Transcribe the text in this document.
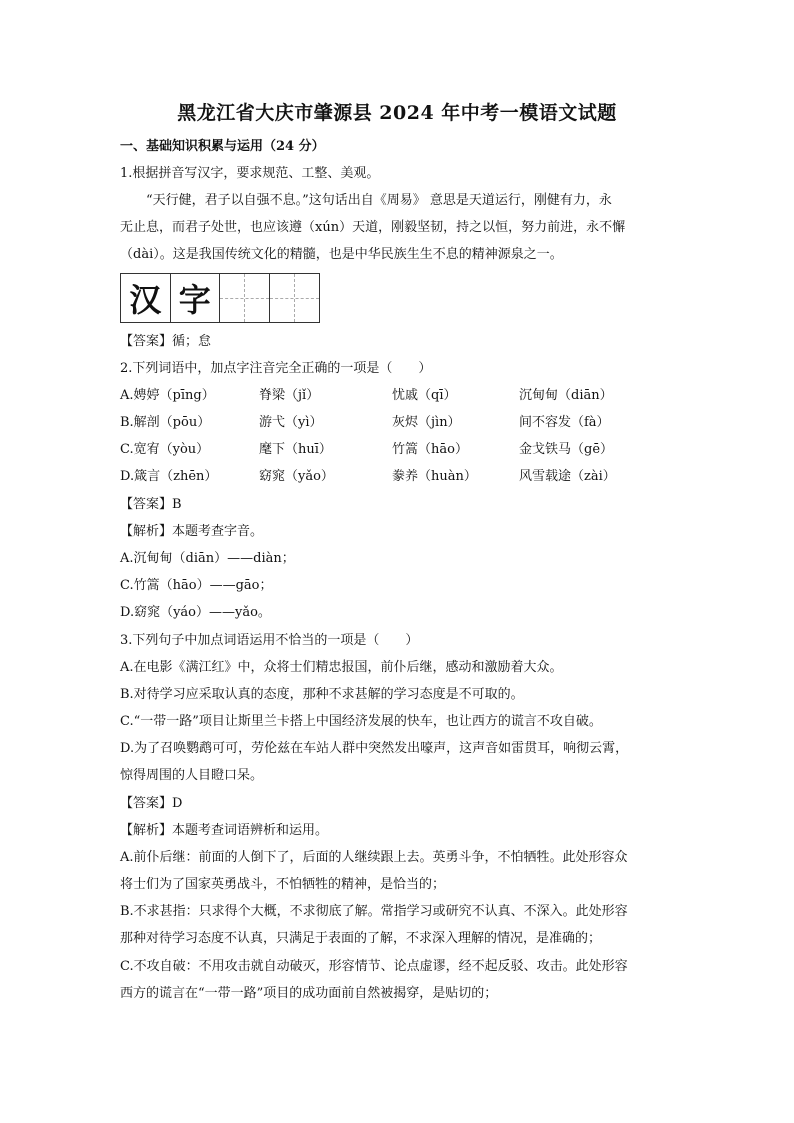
黑龙江省大庆市肇源县 2024 年中考一模语文试题
一、基础知识积累与运用（24 分）
1.根据拼音写汉字，要求规范、工整、美观。
“天行健，君子以自强不息。”这句话出自《周易》 意思是天道运行，刚健有力，永
无止息，而君子处世，也应该遵（xún）天道，刚毅坚韧，持之以恒，努力前进，永不懈
（dài）。这是我国传统文化的精髓，也是中华民族生生不息的精神源泉之一。
汉 字
【答案】循；怠
2.下列词语中，加点字注音完全正确的一项是（　　）
A.娉婷（pīng）	脊梁（jǐ）	忧戚（qī）	沉甸甸（diān）
B.解剖（pōu）	游弋（yì）	灰烬（jìn）	间不容发（fà）
C.宽宥（yòu）	麾下（huī）	竹篙（hāo）	金戈铁马（gē）
D.箴言（zhēn）	窈窕（yǎo）	豢养（huàn）	风雪载途（zài）
【答案】B
【解析】本题考查字音。
A.沉甸甸（diān）——diàn；
C.竹篙（hāo）——gāo；
D.窈窕（yáo）——yǎo。
3.下列句子中加点词语运用不恰当的一项是（　　）
A.在电影《满江红》中，众将士们精忠报国，前仆后继，感动和激励着大众。
B.对待学习应采取认真的态度，那种不求甚解的学习态度是不可取的。
C.“一带一路”项目让斯里兰卡搭上中国经济发展的快车，也让西方的谎言不攻自破。
D.为了召唤鹦鹉可可，劳伦兹在车站人群中突然发出嚎声，这声音如雷贯耳，响彻云霄，
惊得周围的人目瞪口呆。
【答案】D
【解析】本题考查词语辨析和运用。
A.前仆后继：前面的人倒下了，后面的人继续跟上去。英勇斗争，不怕牺牲。此处形容众
将士们为了国家英勇战斗，不怕牺牲的精神，是恰当的；
B.不求甚指：只求得个大概，不求彻底了解。常指学习或研究不认真、不深入。此处形容
那种对待学习态度不认真，只满足于表面的了解，不求深入理解的情况，是准确的；
C.不攻自破：不用攻击就自动破灭，形容情节、论点虚谬，经不起反驳、攻击。此处形容
西方的谎言在“一带一路”项目的成功面前自然被揭穿，是贴切的；
